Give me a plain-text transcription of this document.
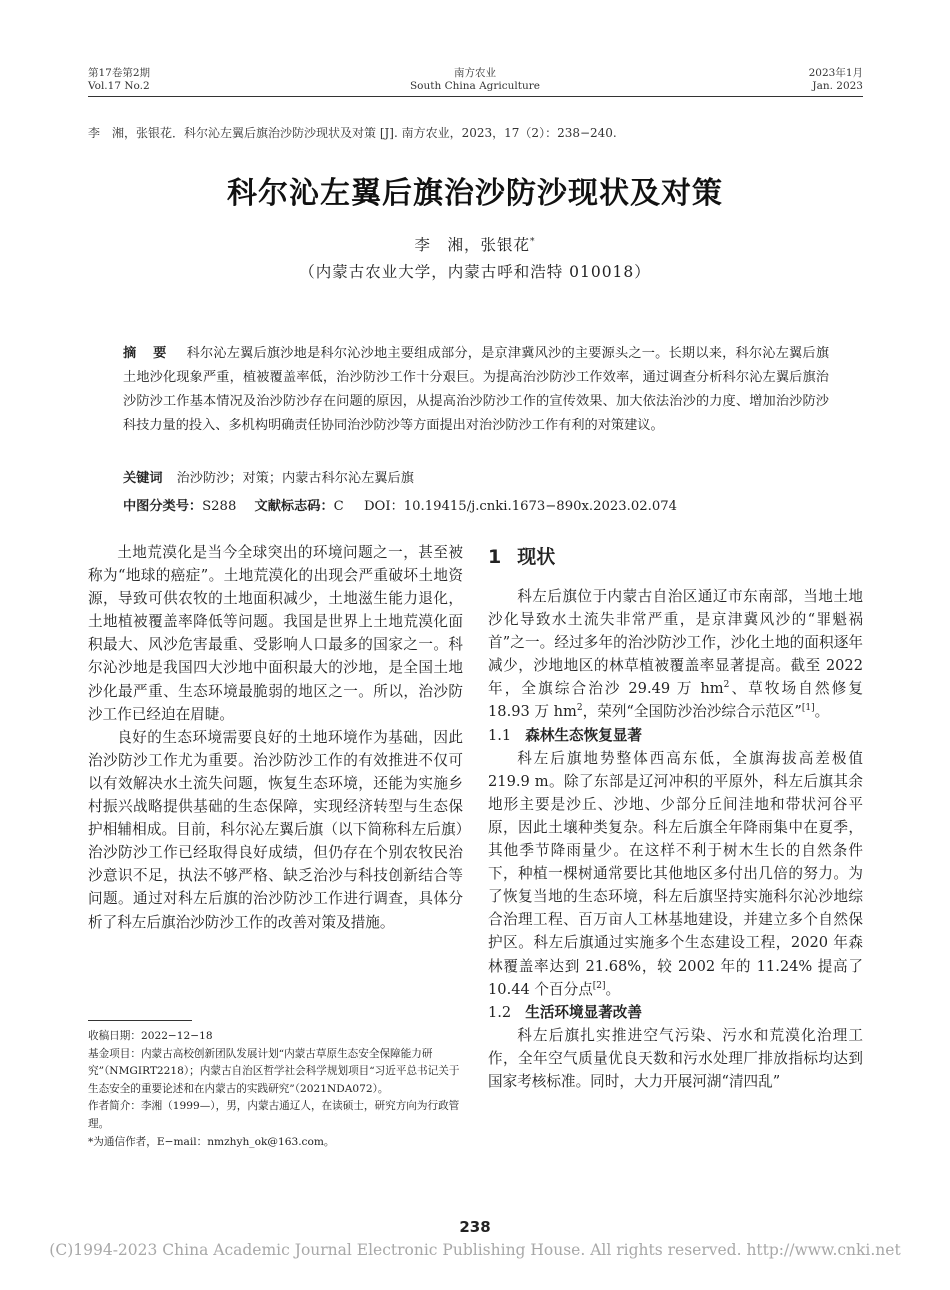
第17卷第2期
Vol.17 No.2
南方农业
South China Agriculture
2023年1月
Jan. 2023
李　湘，张银花．科尔沁左翼后旗治沙防沙现状及对策 [J]. 南方农业，2023，17（2）：238−240.
科尔沁左翼后旗治沙防沙现状及对策
李　湘，张银花*
（内蒙古农业大学，内蒙古呼和浩特 010018）
摘 要 科尔沁左翼后旗沙地是科尔沁沙地主要组成部分，是京津冀风沙的主要源头之一。长期以来，科尔沁左翼后旗土地沙化现象严重，植被覆盖率低，治沙防沙工作十分艰巨。为提高治沙防沙工作效率，通过调查分析科尔沁左翼后旗治沙防沙工作基本情况及治沙防沙存在问题的原因，从提高治沙防沙工作的宣传效果、加大依法治沙的力度、增加治沙防沙科技力量的投入、多机构明确责任协同治沙防沙等方面提出对治沙防沙工作有利的对策建议。
关键词 治沙防沙；对策；内蒙古科尔沁左翼后旗
中图分类号：S288 文献标志码：C DOI：10.19415/j.cnki.1673−890x.2023.02.074

土地荒漠化是当今全球突出的环境问题之一，甚至被称为“地球的癌症”。土地荒漠化的出现会严重破坏土地资源，导致可供农牧的土地面积减少，土地滋生能力退化，土地植被覆盖率降低等问题。我国是世界上土地荒漠化面积最大、风沙危害最重、受影响人口最多的国家之一。科尔沁沙地是我国四大沙地中面积最大的沙地，是全国土地沙化最严重、生态环境最脆弱的地区之一。所以，治沙防沙工作已经迫在眉睫。

良好的生态环境需要良好的土地环境作为基础，因此治沙防沙工作尤为重要。治沙防沙工作的有效推进不仅可以有效解决水土流失问题，恢复生态环境，还能为实施乡村振兴战略提供基础的生态保障，实现经济转型与生态保护相辅相成。目前，科尔沁左翼后旗（以下简称科左后旗）治沙防沙工作已经取得良好成绩，但仍存在个别农牧民治沙意识不足，执法不够严格、缺乏治沙与科技创新结合等问题。通过对科左后旗的治沙防沙工作进行调查，具体分析了科左后旗治沙防沙工作的改善对策及措施。

收稿日期：2022−12−18
基金项目：内蒙古高校创新团队发展计划“内蒙古草原生态安全保障能力研究”（NMGIRT2218）；内蒙古自治区哲学社会科学规划项目“习近平总书记关于生态安全的重要论述和在内蒙古的实践研究”（2021NDA072）。
作者简介：李湘（1999—），男，内蒙古通辽人，在读硕士，研究方向为行政管理。
*为通信作者，E−mail：nmzhyh_ok@163.com。
1 现状

科左后旗位于内蒙古自治区通辽市东南部，当地土地沙化导致水土流失非常严重，是京津冀风沙的“罪魁祸首”之一。经过多年的治沙防沙工作，沙化土地的面积逐年减少，沙地地区的林草植被覆盖率显著提高。截至 2022 年，全旗综合治沙 29.49 万 $hm^2$、草牧场自然修复 18.93 万 $hm^2$，荣列“全国防沙治沙综合示范区”[1]。

1.1 森林生态恢复显著

科左后旗地势整体西高东低，全旗海拔高差极值 219.9 m。除了东部是辽河冲积的平原外，科左后旗其余地形主要是沙丘、沙地、少部分丘间洼地和带状河谷平原，因此土壤种类复杂。科左后旗全年降雨集中在夏季，其他季节降雨量少。在这样不利于树木生长的自然条件下，种植一棵树通常要比其他地区多付出几倍的努力。为了恢复当地的生态环境，科左后旗坚持实施科尔沁沙地综合治理工程、百万亩人工林基地建设，并建立多个自然保护区。科左后旗通过实施多个生态建设工程，2020 年森林覆盖率达到 21.68%，较 2002 年的 11.24% 提高了 10.44 个百分点[2]。

1.2 生活环境显著改善

科左后旗扎实推进空气污染、污水和荒漠化治理工作，全年空气质量优良天数和污水处理厂排放指标均达到国家考核标准。同时，大力开展河湖“清四乱”

238
(C)1994-2023 China Academic Journal Electronic Publishing House. All rights reserved. http://www.cnki.net
